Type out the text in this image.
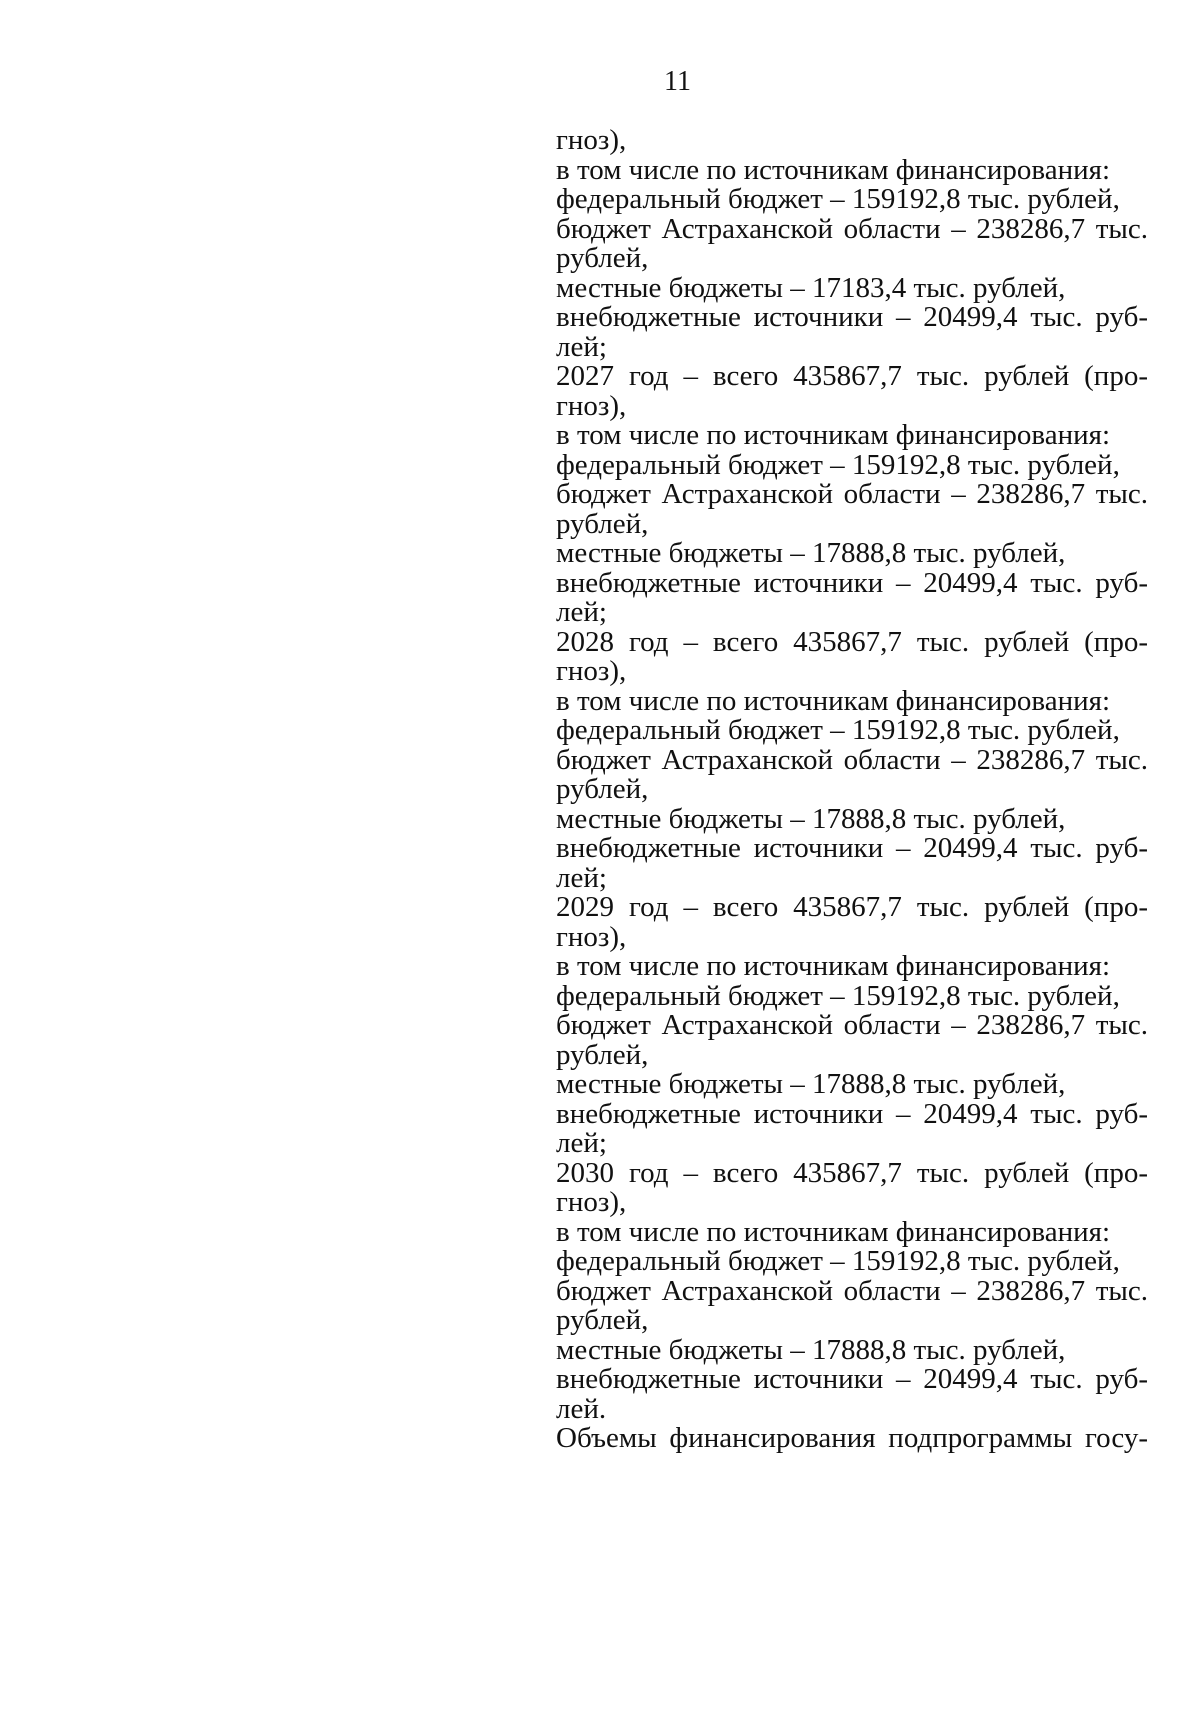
11
гноз),
в том числе по источникам финансирования:
федеральный бюджет – 159192,8 тыс. рублей,
бюджет Астраханской области – 238286,7 тыс.
рублей,
местные бюджеты – 17183,4 тыс. рублей,
внебюджетные источники – 20499,4 тыс. руб-
лей;
2027 год – всего 435867,7 тыс. рублей (про-
гноз),
в том числе по источникам финансирования:
федеральный бюджет – 159192,8 тыс. рублей,
бюджет Астраханской области – 238286,7 тыс.
рублей,
местные бюджеты – 17888,8 тыс. рублей,
внебюджетные источники – 20499,4 тыс. руб-
лей;
2028 год – всего 435867,7 тыс. рублей (про-
гноз),
в том числе по источникам финансирования:
федеральный бюджет – 159192,8 тыс. рублей,
бюджет Астраханской области – 238286,7 тыс.
рублей,
местные бюджеты – 17888,8 тыс. рублей,
внебюджетные источники – 20499,4 тыс. руб-
лей;
2029 год – всего 435867,7 тыс. рублей (про-
гноз),
в том числе по источникам финансирования:
федеральный бюджет – 159192,8 тыс. рублей,
бюджет Астраханской области – 238286,7 тыс.
рублей,
местные бюджеты – 17888,8 тыс. рублей,
внебюджетные источники – 20499,4 тыс. руб-
лей;
2030 год – всего 435867,7 тыс. рублей (про-
гноз),
в том числе по источникам финансирования:
федеральный бюджет – 159192,8 тыс. рублей,
бюджет Астраханской области – 238286,7 тыс.
рублей,
местные бюджеты – 17888,8 тыс. рублей,
внебюджетные источники – 20499,4 тыс. руб-
лей.
Объемы финансирования подпрограммы госу-
